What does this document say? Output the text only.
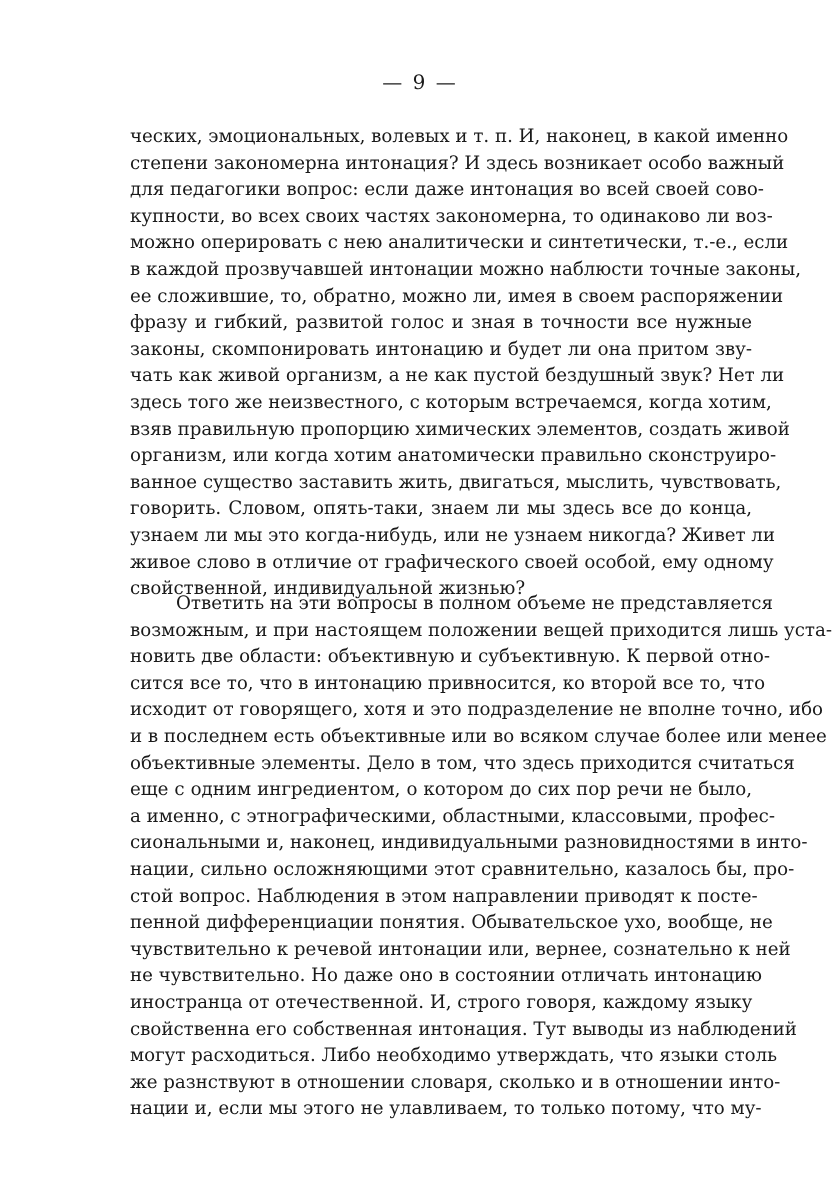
— 9 —
ческих, эмоциональных, волевых и т. п. И, наконец, в какой именно
степени закономерна интонация? И здесь возникает особо важный
для педагогики вопрос: если даже интонация во всей своей сово-
купности, во всех своих частях закономерна, то одинаково ли воз-
можно оперировать с нею аналитически и синтетически, т.-е., если
в каждой прозвучавшей интонации можно наблюсти точные законы,
ее сложившие, то, обратно, можно ли, имея в своем распоряжении
фразу и гибкий, развитой голос и зная в точности все нужные
законы, скомпонировать интонацию и будет ли она притом зву-
чать как живой организм, а не как пустой бездушный звук? Нет ли
здесь того же неизвестного, с которым встречаемся, когда хотим,
взяв правильную пропорцию химических элементов, создать живой
организм, или когда хотим анатомически правильно сконструиро-
ванное существо заставить жить, двигаться, мыслить, чувствовать,
говорить. Словом, опять-таки, знаем ли мы здесь все до конца,
узнаем ли мы это когда-нибудь, или не узнаем никогда? Живет ли
живое слово в отличие от графического своей особой, ему одному
свойственной, индивидуальной жизнью?
Ответить на эти вопросы в полном объеме не представляется
возможным, и при настоящем положении вещей приходится лишь уста-
новить две области: объективную и субъективную. К первой отно-
сится все то, что в интонацию привносится, ко второй все то, что
исходит от говорящего, хотя и это подразделение не вполне точно, ибо
и в последнем есть объективные или во всяком случае более или менее
объективные элементы. Дело в том, что здесь приходится считаться
еще с одним ингредиентом, о котором до сих пор речи не было,
а именно, с этнографическими, областными, классовыми, профес-
сиональными и, наконец, индивидуальными разновидностями в инто-
нации, сильно осложняющими этот сравнительно, казалось бы, про-
стой вопрос. Наблюдения в этом направлении приводят к посте-
пенной дифференциации понятия. Обывательское ухо, вообще, не
чувствительно к речевой интонации или, вернее, сознательно к ней
не чувствительно. Но даже оно в состоянии отличать интонацию
иностранца от отечественной. И, строго говоря, каждому языку
свойственна его собственная интонация. Тут выводы из наблюдений
могут расходиться. Либо необходимо утверждать, что языки столь
же разнствуют в отношении словаря, сколько и в отношении инто-
нации и, если мы этого не улавливаем, то только потому, что му-
